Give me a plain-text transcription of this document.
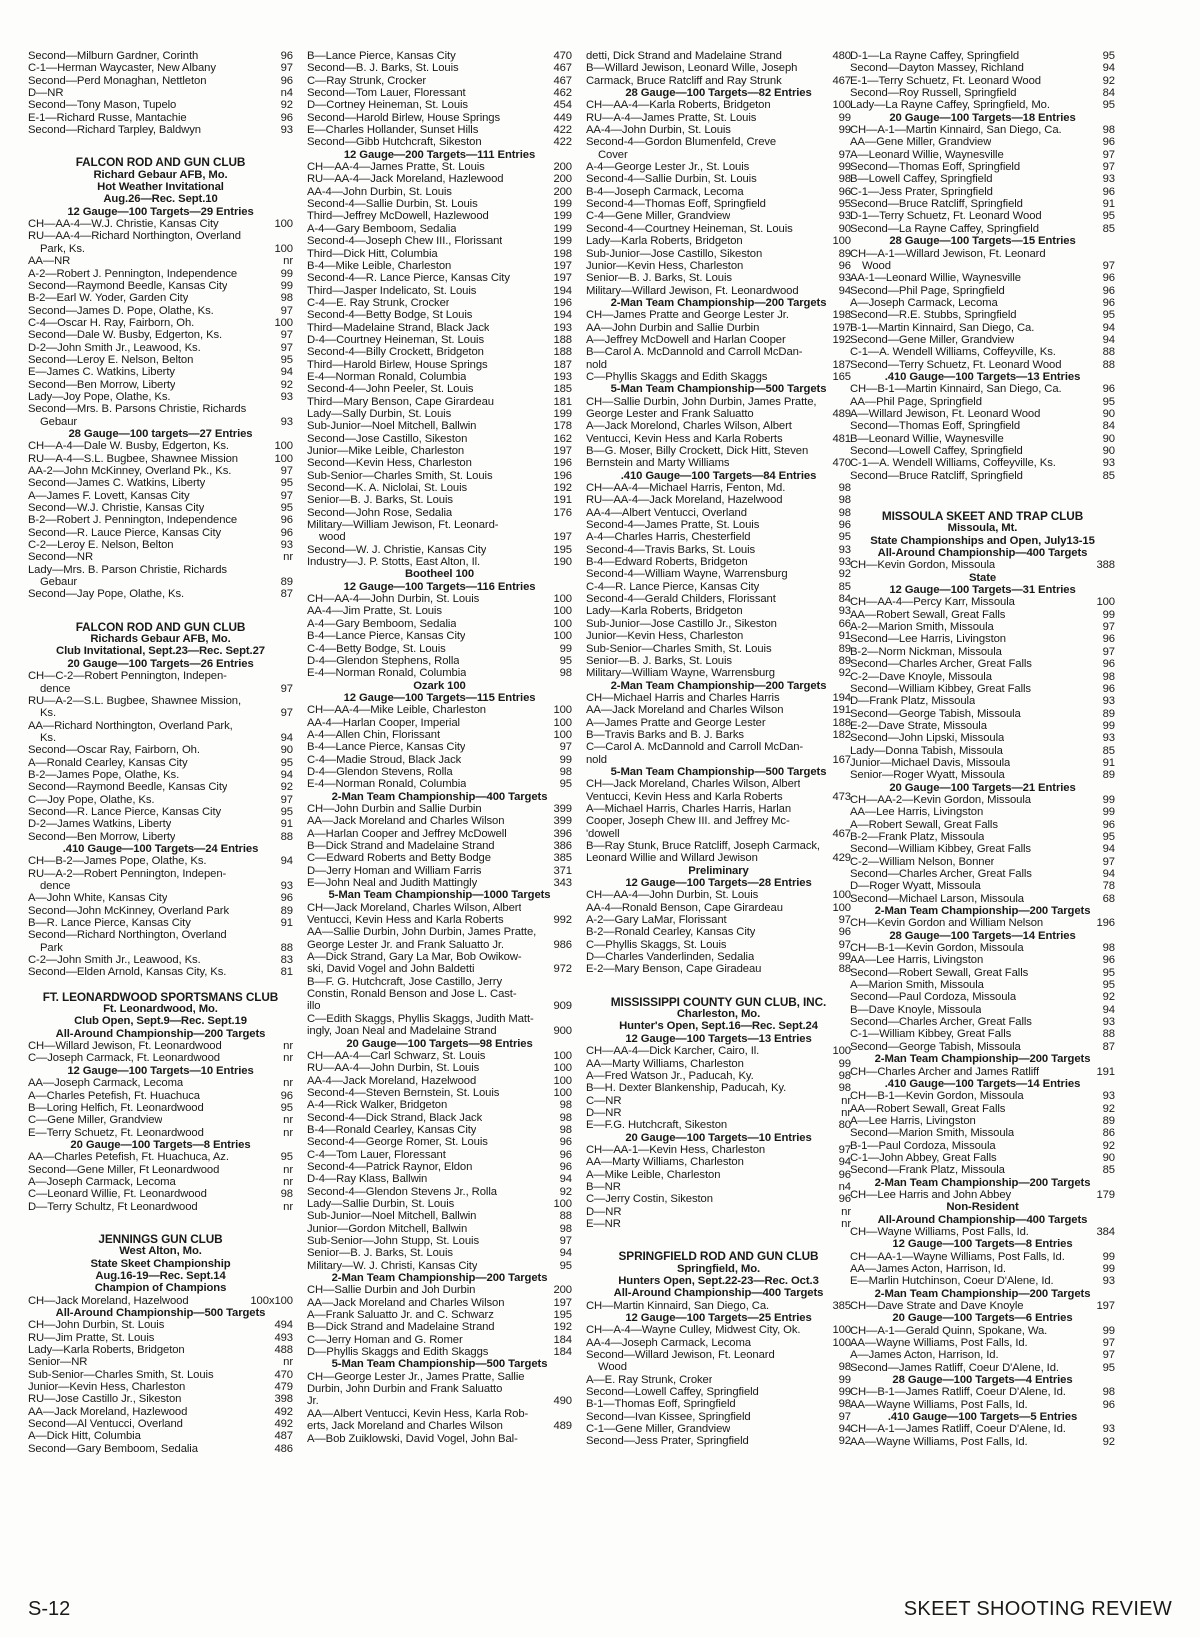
Second—Milburn Gardner, Corinth	96
C-1—Herman Waycaster, New Albany	97
Second—Perd Monaghan, Nettleton	96
D—NR	n4
Second—Tony Mason, Tupelo	92
E-1—Richard Russe, Mantachie	96
Second—Richard Tarpley, Baldwyn	93
FALCON ROD AND GUN CLUB
Richard Gebaur AFB, Mo.
Hot Weather Invitational
Aug.26—Rec. Sept.10
12 Gauge—100 Targets—29 Entries
CH—AA-4—W.J. Christie, Kansas City	100
RU—AA-4—Richard Northington, Overland
Park, Ks.	100
AA—NR	nr
A-2—Robert J. Pennington, Independence	99
Second—Raymond Beedle, Kansas City	99
B-2—Earl W. Yoder, Garden City	98
Second—James D. Pope, Olathe, Ks.	97
C-4—Oscar H. Ray, Fairborn, Oh.	100
Second—Dale W. Busby, Edgerton, Ks.	97
D-2—John Smith Jr., Leawood, Ks.	97
Second—Leroy E. Nelson, Belton	95
E—James C. Watkins, Liberty	94
Second—Ben Morrow, Liberty	92
Lady—Joy Pope, Olathe, Ks.	93
Second—Mrs. B. Parsons Christie, Richards
Gebaur	93
28 Gauge—100 targets—27 Entries
CH—A-4—Dale W. Busby, Edgerton, Ks.	100
RU—A-4—S.L. Bugbee, Shawnee Mission	100
AA-2—John McKinney, Overland Pk., Ks.	97
Second—James C. Watkins, Liberty	95
A—James F. Lovett, Kansas City	97
Second—W.J. Christie, Kansas City	95
B-2—Robert J. Pennington, Independence	96
Second—R. Lauce Pierce, Kansas City	96
C-2—Leroy E. Nelson, Belton	93
Second—NR	nr
Lady—Mrs. B. Parson Christie, Richards
Gebaur	89
Second—Jay Pope, Olathe, Ks.	87
FALCON ROD AND GUN CLUB
Richards Gebaur AFB, Mo.
Club Invitational, Sept.23—Rec. Sept.27
20 Gauge—100 Targets—26 Entries
CH—C-2—Robert Pennington, Indepen-
dence	97
RU—A-2—S.L. Bugbee, Shawnee Mission,
Ks.	97
AA—Richard Northington, Overland Park,
Ks.	94
Second—Oscar Ray, Fairborn, Oh.	90
A—Ronald Cearley, Kansas City	95
B-2—James Pope, Olathe, Ks.	94
Second—Raymond Beedle, Kansas City	92
C—Joy Pope, Olathe, Ks.	97
Second—R. Lance Pierce, Kansas City	95
D-2—James Watkins, Liberty	91
Second—Ben Morrow, Liberty	88
.410 Gauge—100 Targets—24 Entries
CH—B-2—James Pope, Olathe, Ks.	94
RU—A-2—Robert Pennington, Indepen-
dence	93
A—John White, Kansas City	96
Second—John McKinney, Overland Park	89
B—R. Lance Pierce, Kansas City	91
Second—Richard Northington, Overland
Park	88
C-2—John Smith Jr., Leawood, Ks.	83
Second—Elden Arnold, Kansas City, Ks.	81
FT. LEONARDWOOD SPORTSMANS CLUB
Ft. Leonardwood, Mo.
Club Open, Sept.9—Rec. Sept.19
All-Around Championship—200 Targets
CH—Willard Jewison, Ft. Leonardwood	nr
C—Joseph Carmack, Ft. Leonardwood	nr
12 Gauge—100 Targets—10 Entries
AA—Joseph Carmack, Lecoma	nr
A—Charles Petefish, Ft. Huachuca	96
B—Loring Helfich, Ft. Leonardwood	95
C—Gene Miller, Grandview	nr
E—Terry Schuetz, Ft. Leonardwood	nr
20 Gauge—100 Targets—8 Entries
AA—Charles Petefish, Ft. Huachuca, Az.	95
Second—Gene Miller, Ft Leonardwood	nr
A—Joseph Carmack, Lecoma	nr
C—Leonard Willie, Ft. Leonardwood	98
D—Terry Schultz, Ft Leonardwood	nr
JENNINGS GUN CLUB
West Alton, Mo.
State Skeet Championship
Aug.16-19—Rec. Sept.14
Champion of Champions
CH—Jack Moreland, Hazelwood	100x100
All-Around Championship—500 Targets
CH—John Durbin, St. Louis	494
RU—Jim Pratte, St. Louis	493
Lady—Karla Roberts, Bridgeton	488
Senior—NR	nr
Sub-Senior—Charles Smith, St. Louis	470
Junior—Kevin Hess, Charleston	479
RU—Jose Castillo Jr., Sikeston	398
AA—Jack Moreland, Hazlewood	492
Second—Al Ventucci, Overland	492
A—Dick Hitt, Columbia	487
Second—Gary Bemboom, Sedalia	486
B—Lance Pierce, Kansas City	470
Second—B. J. Barks, St. Louis	467
C—Ray Strunk, Crocker	467
Second—Tom Lauer, Floressant	462
D—Cortney Heineman, St. Louis	454
Second—Harold Birlew, House Springs	449
E—Charles Hollander, Sunset Hills	422
Second—Gibb Hutchcraft, Sikeston	422
12 Gauge—200 Targets—111 Entries
CH—AA-4—James Pratte, St. Louis	200
RU—AA-4—Jack Moreland, Hazlewood	200
AA-4—John Durbin, St. Louis	200
Second-4—Sallie Durbin, St. Louis	199
Third—Jeffrey McDowell, Hazlewood	199
A-4—Gary Bemboom, Sedalia	199
Second-4—Joseph Chew III., Florissant	199
Third—Dick Hitt, Columbia	198
B-4—Mike Leible, Charleston	197
Second-4—R. Lance Pierce, Kansas City	197
Third—Jasper Indelicato, St. Louis	194
C-4—E. Ray Strunk, Crocker	196
Second-4—Betty Bodge, St Louis	194
Third—Madelaine Strand, Black Jack	193
D-4—Courtney Heineman, St. Louis	188
Second-4—Billy Crockett, Bridgeton	188
Third—Harold Birlew, House Springs	187
E-4—Norman Ronald, Columbia	193
Second-4—John Peeler, St. Louis	185
Third—Mary Benson, Cape Girardeau	181
Lady—Sally Durbin, St. Louis	199
Sub-Junior—Noel Mitchell, Ballwin	178
Second—Jose Castillo, Sikeston	162
Junior—Mike Leible, Charleston	197
Second—Kevin Hess, Charleston	196
Sub-Senior—Charles Smith, St. Louis	196
Second—K. A. Niclolai, St. Louis	192
Senior—B. J. Barks, St. Louis	191
Second—John Rose, Sedalia	176
Military—William Jewison, Ft. Leonard-
wood	197
Second—W. J. Christie, Kansas City	195
Industry—J. P. Stotts, East Alton, Il.	190
Bootheel 100
12 Gauge—100 Targets—116 Entries
CH—AA-4—John Durbin, St. Louis	100
AA-4—Jim Pratte, St. Louis	100
A-4—Gary Bemboom, Sedalia	100
B-4—Lance Pierce, Kansas City	100
C-4—Betty Bodge, St. Louis	99
D-4—Glendon Stephens, Rolla	95
E-4—Norman Ronald, Columbia	98
Ozark 100
12 Gauge—100 Targets—115 Entries
CH—AA-4—Mike Leible, Charleston	100
AA-4—Harlan Cooper, Imperial	100
A-4—Allen Chin, Florissant	100
B-4—Lance Pierce, Kansas City	97
C-4—Madie Stroud, Black Jack	99
D-4—Glendon Stevens, Rolla	98
E-4—Norman Ronald, Columbia	95
2-Man Team Championship—400 Targets
CH—John Durbin and Sallie Durbin	399
AA—Jack Moreland and Charles Wilson	399
A—Harlan Cooper and Jeffrey McDowell	396
B—Dick Strand and Madelaine Strand	386
C—Edward Roberts and Betty Bodge	385
D—Jerry Homan and William Farris	371
E—John Neal and Judith Mattingly	343
5-Man Team Championship—1000 Targets
CH—Jack Moreland, Charles Wilson, Albert
Ventucci, Kevin Hess and Karla Roberts	992
AA—Sallie Durbin, John Durbin, James Pratte,
George Lester Jr. and Frank Saluatto Jr.	986
A—Dick Strand, Gary La Mar, Bob Owikow-
ski, David Vogel and John Baldetti	972
B—F. G. Hutchcraft, Jose Castillo, Jerry
Constin, Ronald Benson and Jose L. Cast-
illo	909
C—Edith Skaggs, Phyllis Skaggs, Judith Matt-
ingly, Joan Neal and Madelaine Strand	900
20 Gauge—100 Targets—98 Entries
CH—AA-4—Carl Schwarz, St. Louis	100
RU—AA-4—John Durbin, St. Louis	100
AA-4—Jack Moreland, Hazelwood	100
Second-4—Steven Bernstein, St. Louis	100
A-4—Rick Walker, Bridgeton	98
Second-4—Dick Strand, Black Jack	98
B-4—Ronald Cearley, Kansas City	98
Second-4—George Romer, St. Louis	96
C-4—Tom Lauer, Floressant	96
Second-4—Patrick Raynor, Eldon	96
D-4—Ray Klass, Ballwin	94
Second-4—Glendon Stevens Jr., Rolla	92
Lady—Sallie Durbin, St. Louis	100
Sub-Junior—Noel Mitchell, Ballwin	88
Junior—Gordon Mitchell, Ballwin	98
Sub-Senior—John Stupp, St. Louis	97
Senior—B. J. Barks, St. Louis	94
Military—W. J. Christi, Kansas City	95
2-Man Team Championship—200 Targets
CH—Sallie Durbin and Joh Durbin	200
AA—Jack Moreland and Charles Wilson	197
A—Frank Saluatto Jr. and C. Schwarz	195
B—Dick Strand and Madelaine Strand	192
C—Jerry Homan and G. Romer	184
D—Phyllis Skaggs and Edith Skaggs	184
5-Man Team Championship—500 Targets
CH—George Lester Jr., James Pratte, Sallie
Durbin, John Durbin and Frank Saluatto
Jr.	490
AA—Albert Ventucci, Kevin Hess, Karla Rob-
erts, Jack Moreland and Charles Wilson	489
A—Bob Zuiklowski, David Vogel, John Bal-
detti, Dick Strand and Madelaine Strand	480
B—Willard Jewison, Leonard Wille, Joseph
Carmack, Bruce Ratcliff and Ray Strunk	467
28 Gauge—100 Targets—82 Entries
CH—AA-4—Karla Roberts, Bridgeton	100
RU—A-4—James Pratte, St. Louis	99
AA-4—John Durbin, St. Louis	99
Second-4—Gordon Blumenfeld, Creve
Cover	97
A-4—George Lester Jr., St. Louis	99
Second-4—Sallie Durbin, St. Louis	98
B-4—Joseph Carmack, Lecoma	96
Second-4—Thomas Eoff, Springfield	95
C-4—Gene Miller, Grandview	93
Second-4—Courtney Heineman, St. Louis	90
Lady—Karla Roberts, Bridgeton	100
Sub-Junior—Jose Castillo, Sikeston	89
Junior—Kevin Hess, Charleston	96
Senior—B. J. Barks, St. Louis	93
Military—Willard Jewison, Ft. Leonardwood	94
2-Man Team Championship—200 Targets
CH—James Pratte and George Lester Jr.	198
AA—John Durbin and Sallie Durbin	197
A—Jeffrey McDowell and Harlan Cooper	192
B—Carol A. McDannold and Carroll McDan-
nold	187
C—Phyllis Skaggs and Edith Skaggs	165
5-Man Team Championship—500 Targets
CH—Sallie Durbin, John Durbin, James Pratte,
George Lester and Frank Saluatto	489
A—Jack Morelond, Charles Wilson, Albert
Ventucci, Kevin Hess and Karla Roberts	481
B—G. Moser, Billy Crockett, Dick Hitt, Steven
Bernstein and Marty Williams	470
.410 Gauge—100 Targets—84 Entries
CH—AA-4—Michael Harris, Fenton, Md.	98
RU—AA-4—Jack Moreland, Hazelwood	98
AA-4—Albert Ventucci, Overland	98
Second-4—James Pratte, St. Louis	96
A-4—Charles Harris, Chesterfield	95
Second-4—Travis Barks, St. Louis	93
B-4—Edward Roberts, Bridgeton	93
Second-4—William Wayne, Warrensburg	92
C-4—R. Lance Pierce, Kansas City	85
Second-4—Gerald Childers, Florissant	84
Lady—Karla Roberts, Bridgeton	93
Sub-Junior—Jose Castillo Jr., Sikeston	66
Junior—Kevin Hess, Charleston	91
Sub-Senior—Charles Smith, St. Louis	89
Senior—B. J. Barks, St. Louis	89
Military—William Wayne, Warrensburg	92
2-Man Team Championship—200 Targets
CH—Michael Harris and Charles Harris	194
AA—Jack Moreland and Charles Wilson	191
A—James Pratte and George Lester	188
B—Travis Barks and B. J. Barks	182
C—Carol A. McDannold and Carroll McDan-
nold	167
5-Man Team Championship—500 Targets
CH—Jack Moreland, Charles Wilson, Albert
Ventucci, Kevin Hess and Karla Roberts	473
A—Michael Harris, Charles Harris, Harlan
Cooper, Joseph Chew III. and Jeffrey Mc-
'dowell	467
B—Ray Stunk, Bruce Ratcliff, Joseph Carmack,
Leonard Willie and Willard Jewison	429
Preliminary
12 Gauge—100 Targets—28 Entries
CH—AA-4—John Durbin, St. Louis	100
AA-4—Ronald Benson, Cape Girardeau	100
A-2—Gary LaMar, Florissant	97
B-2—Ronald Cearley, Kansas City	96
C—Phyllis Skaggs, St. Louis	97
D—Charles Vanderlinden, Sedalia	99
E-2—Mary Benson, Cape Giradeau	88
MISSISSIPPI COUNTY GUN CLUB, INC.
Charleston, Mo.
Hunter's Open, Sept.16—Rec. Sept.24
12 Gauge—100 Targets—13 Entries
CH—AA-4—Dick Karcher, Cairo, Il.	100
AA—Marty Williams, Charleston	99
A—Fred Watson Jr., Paducah, Ky.	98
B—H. Dexter Blankenship, Paducah, Ky.	98
C—NR	nr
D—NR	nr
E—F.G. Hutchcraft, Sikeston	80
20 Gauge—100 Targets—10 Entries
CH—AA-1—Kevin Hess, Charleston	97
AA—Marty Williams, Charleston	94
A—Mike Leible, Charleston	96
B—NR	n4
C—Jerry Costin, Sikeston	96
D—NR	nr
E—NR	nr
SPRINGFIELD ROD AND GUN CLUB
Springfield, Mo.
Hunters Open, Sept.22-23—Rec. Oct.3
All-Around Championship—400 Targets
CH—Martin Kinnaird, San Diego, Ca.	385
12 Gauge—100 Targets—25 Entries
CH—A-4—Wayne Culley, Midwest City, Ok.	100
AA-4—Joseph Carmack, Lecoma	100
Second—Willard Jewison, Ft. Leonard
Wood	98
A—E. Ray Strunk, Croker	99
Second—Lowell Caffey, Springfield	99
B-1—Thomas Eoff, Springfield	98
Second—Ivan Kissee, Springfield	97
C-1—Gene Miller, Grandview	94
Second—Jess Prater, Springfield	92
D-1—La Rayne Caffey, Springfield	95
Second—Dayton Massey, Richland	94
E-1—Terry Schuetz, Ft. Leonard Wood	92
Second—Roy Russell, Springfield	84
Lady—La Rayne Caffey, Springfield, Mo.	95
20 Gauge—100 Targets—18 Entries
CH—A-1—Martin Kinnaird, San Diego, Ca.	98
AA—Gene Miller, Grandview	96
A—Leonard Willie, Waynesville	97
Second—Thomas Eoff, Springfield	97
B—Lowell Caffey, Springfield	93
C-1—Jess Prater, Springfield	96
Second—Bruce Ratcliff, Springfield	91
D-1—Terry Schuetz, Ft. Leonard Wood	95
Second—La Rayne Caffey, Springfield	85
28 Gauge—100 Targets—15 Entries
CH—A-1—Willard Jewison, Ft. Leonard
Wood	97
AA-1—Leonard Willie, Waynesville	96
Second—Phil Page, Springfield	96
A—Joseph Carmack, Lecoma	96
Second—R.E. Stubbs, Springfield	95
B-1—Martin Kinnaird, San Diego, Ca.	94
Second—Gene Miller, Grandview	94
C-1—A. Wendell Williams, Coffeyville, Ks.	88
Second—Terry Schuetz, Ft. Leonard Wood	88
.410 Gauge—100 Targets—13 Entries
CH—B-1—Martin Kinnaird, San Diego, Ca.	96
AA—Phil Page, Springfield	95
A—Willard Jewison, Ft. Leonard Wood	90
Second—Thomas Eoff, Springfield	84
B—Leonard Willie, Waynesville	90
Second—Lowell Caffey, Springfield	90
C-1—A. Wendell Williams, Coffeyville, Ks.	93
Second—Bruce Ratcliff, Springfield	85
MISSOULA SKEET AND TRAP CLUB
Missoula, Mt.
State Championships and Open, July13-15
All-Around Championship—400 Targets
CH—Kevin Gordon, Missoula	388
State
12 Gauge—100 Targets—31 Entries
CH—AA-4—Percy Karr, Missoula	100
AA—Robert Sewall, Great Falls	99
A-2—Marion Smith, Missoula	97
Second—Lee Harris, Livingston	96
B-2—Norm Nickman, Missoula	97
Second—Charles Archer, Great Falls	96
C-2—Dave Knoyle, Missoula	98
Second—William Kibbey, Great Falls	96
D—Frank Platz, Missoula	93
Second—George Tabish, Missoula	89
E-2—Dave Strate, Missoula	99
Second—John Lipski, Missoula	93
Lady—Donna Tabish, Missoula	85
Junior—Michael Davis, Missoula	91
Senior—Roger Wyatt, Missoula	89
20 Gauge—100 Targets—21 Entries
CH—AA-2—Kevin Gordon, Missoula	99
AA—Lee Harris, Livingston	99
A—Robert Sewall, Great Falls	96
B-2—Frank Platz, Missoula	95
Second—William Kibbey, Great Falls	94
C-2—William Nelson, Bonner	97
Second—Charles Archer, Great Falls	94
D—Roger Wyatt, Missoula	78
Second—Michael Larson, Missoula	68
2-Man Team Championship—200 Targets
CH—Kevin Gordon and William Nelson	196
28 Gauge—100 Targets—14 Entries
CH—B-1—Kevin Gordon, Missoula	98
AA—Lee Harris, Livingston	96
Second—Robert Sewall, Great Falls	95
A—Marion Smith, Missoula	95
Second—Paul Cordoza, Missoula	92
B—Dave Knoyle, Missoula	94
Second—Charles Archer, Great Falls	93
C-1—William Kibbey, Great Falls	88
Second—George Tabish, Missoula	87
2-Man Team Championship—200 Targets
CH—Charles Archer and James Ratliff	191
.410 Gauge—100 Targets—14 Entries
CH—B-1—Kevin Gordon, Missoula	93
AA—Robert Sewall, Great Falls	92
A—Lee Harris, Livingston	89
Second—Marion Smith, Missoula	86
B-1—Paul Cordoza, Missoula	92
C-1—John Abbey, Great Falls	90
Second—Frank Platz, Missoula	85
2-Man Team Championship—200 Targets
CH—Lee Harris and John Abbey	179
Non-Resident
All-Around Championship—400 Targets
CH—Wayne Williams, Post Falls, Id.	384
12 Gauge—100 Targets—8 Entries
CH—AA-1—Wayne Williams, Post Falls, Id.	99
AA—James Acton, Harrison, Id.	99
E—Marlin Hutchinson, Coeur D'Alene, Id.	93
2-Man Team Championship—200 Targets
CH—Dave Strate and Dave Knoyle	197
20 Gauge—100 Targets—6 Entries
CH—A-1—Gerald Quinn, Spokane, Wa.	99
AA—Wayne Williams, Post Falls, Id.	97
A—James Acton, Harrison, Id.	97
Second—James Ratliff, Coeur D'Alene, Id.	95
28 Gauge—100 Targets—4 Entries
CH—B-1—James Ratliff, Coeur D'Alene, Id.	98
AA—Wayne Williams, Post Falls, Id.	96
.410 Gauge—100 Targets—5 Entries
CH—A-1—James Ratliff, Coeur D'Alene, Id.	93
AA—Wayne Williams, Post Falls, Id.	92
S-12	SKEET SHOOTING REVIEW
